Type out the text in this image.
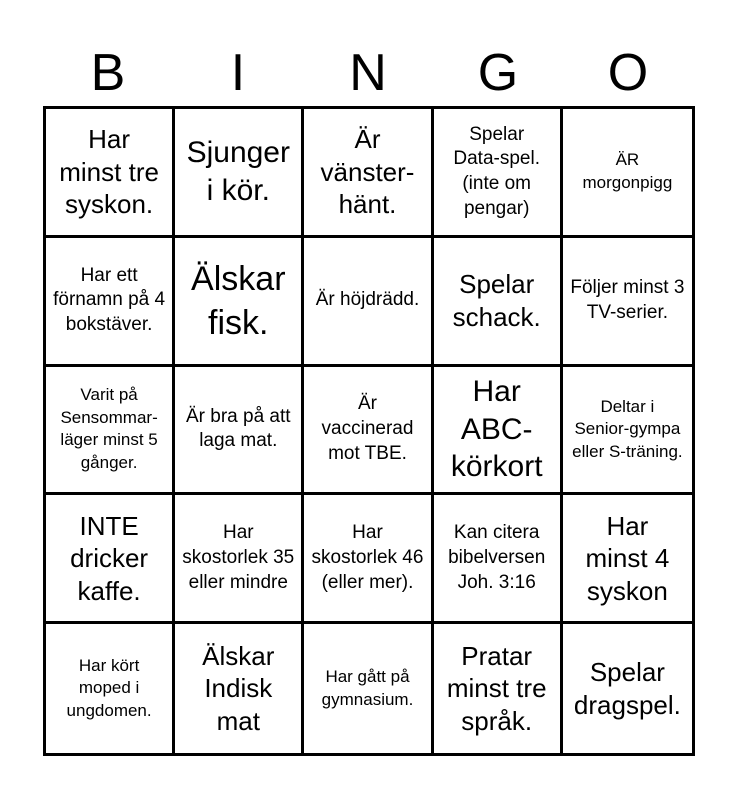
B	I	N	G	O
Har minst tre syskon.
Sjunger i kör.
Är vänster-hänt.
Spelar Data-spel. (inte om pengar)
ÄR morgonpigg
Har ett förnamn på 4 bokstäver.
Älskar fisk.
Är höjdrädd.
Spelar schack.
Följer minst 3 TV-serier.
Varit på Sensommar-läger minst 5 gånger.
Är bra på att laga mat.
Är vaccinerad mot TBE.
Har ABC-körkort
Deltar i Senior-gympa eller S-träning.
INTE dricker kaffe.
Har skostorlek 35 eller mindre
Har skostorlek 46 (eller mer).
Kan citera bibelversen Joh. 3:16
Har minst 4 syskon
Har kört moped i ungdomen.
Älskar Indisk mat
Har gått på gymnasium.
Pratar minst tre språk.
Spelar dragspel.
